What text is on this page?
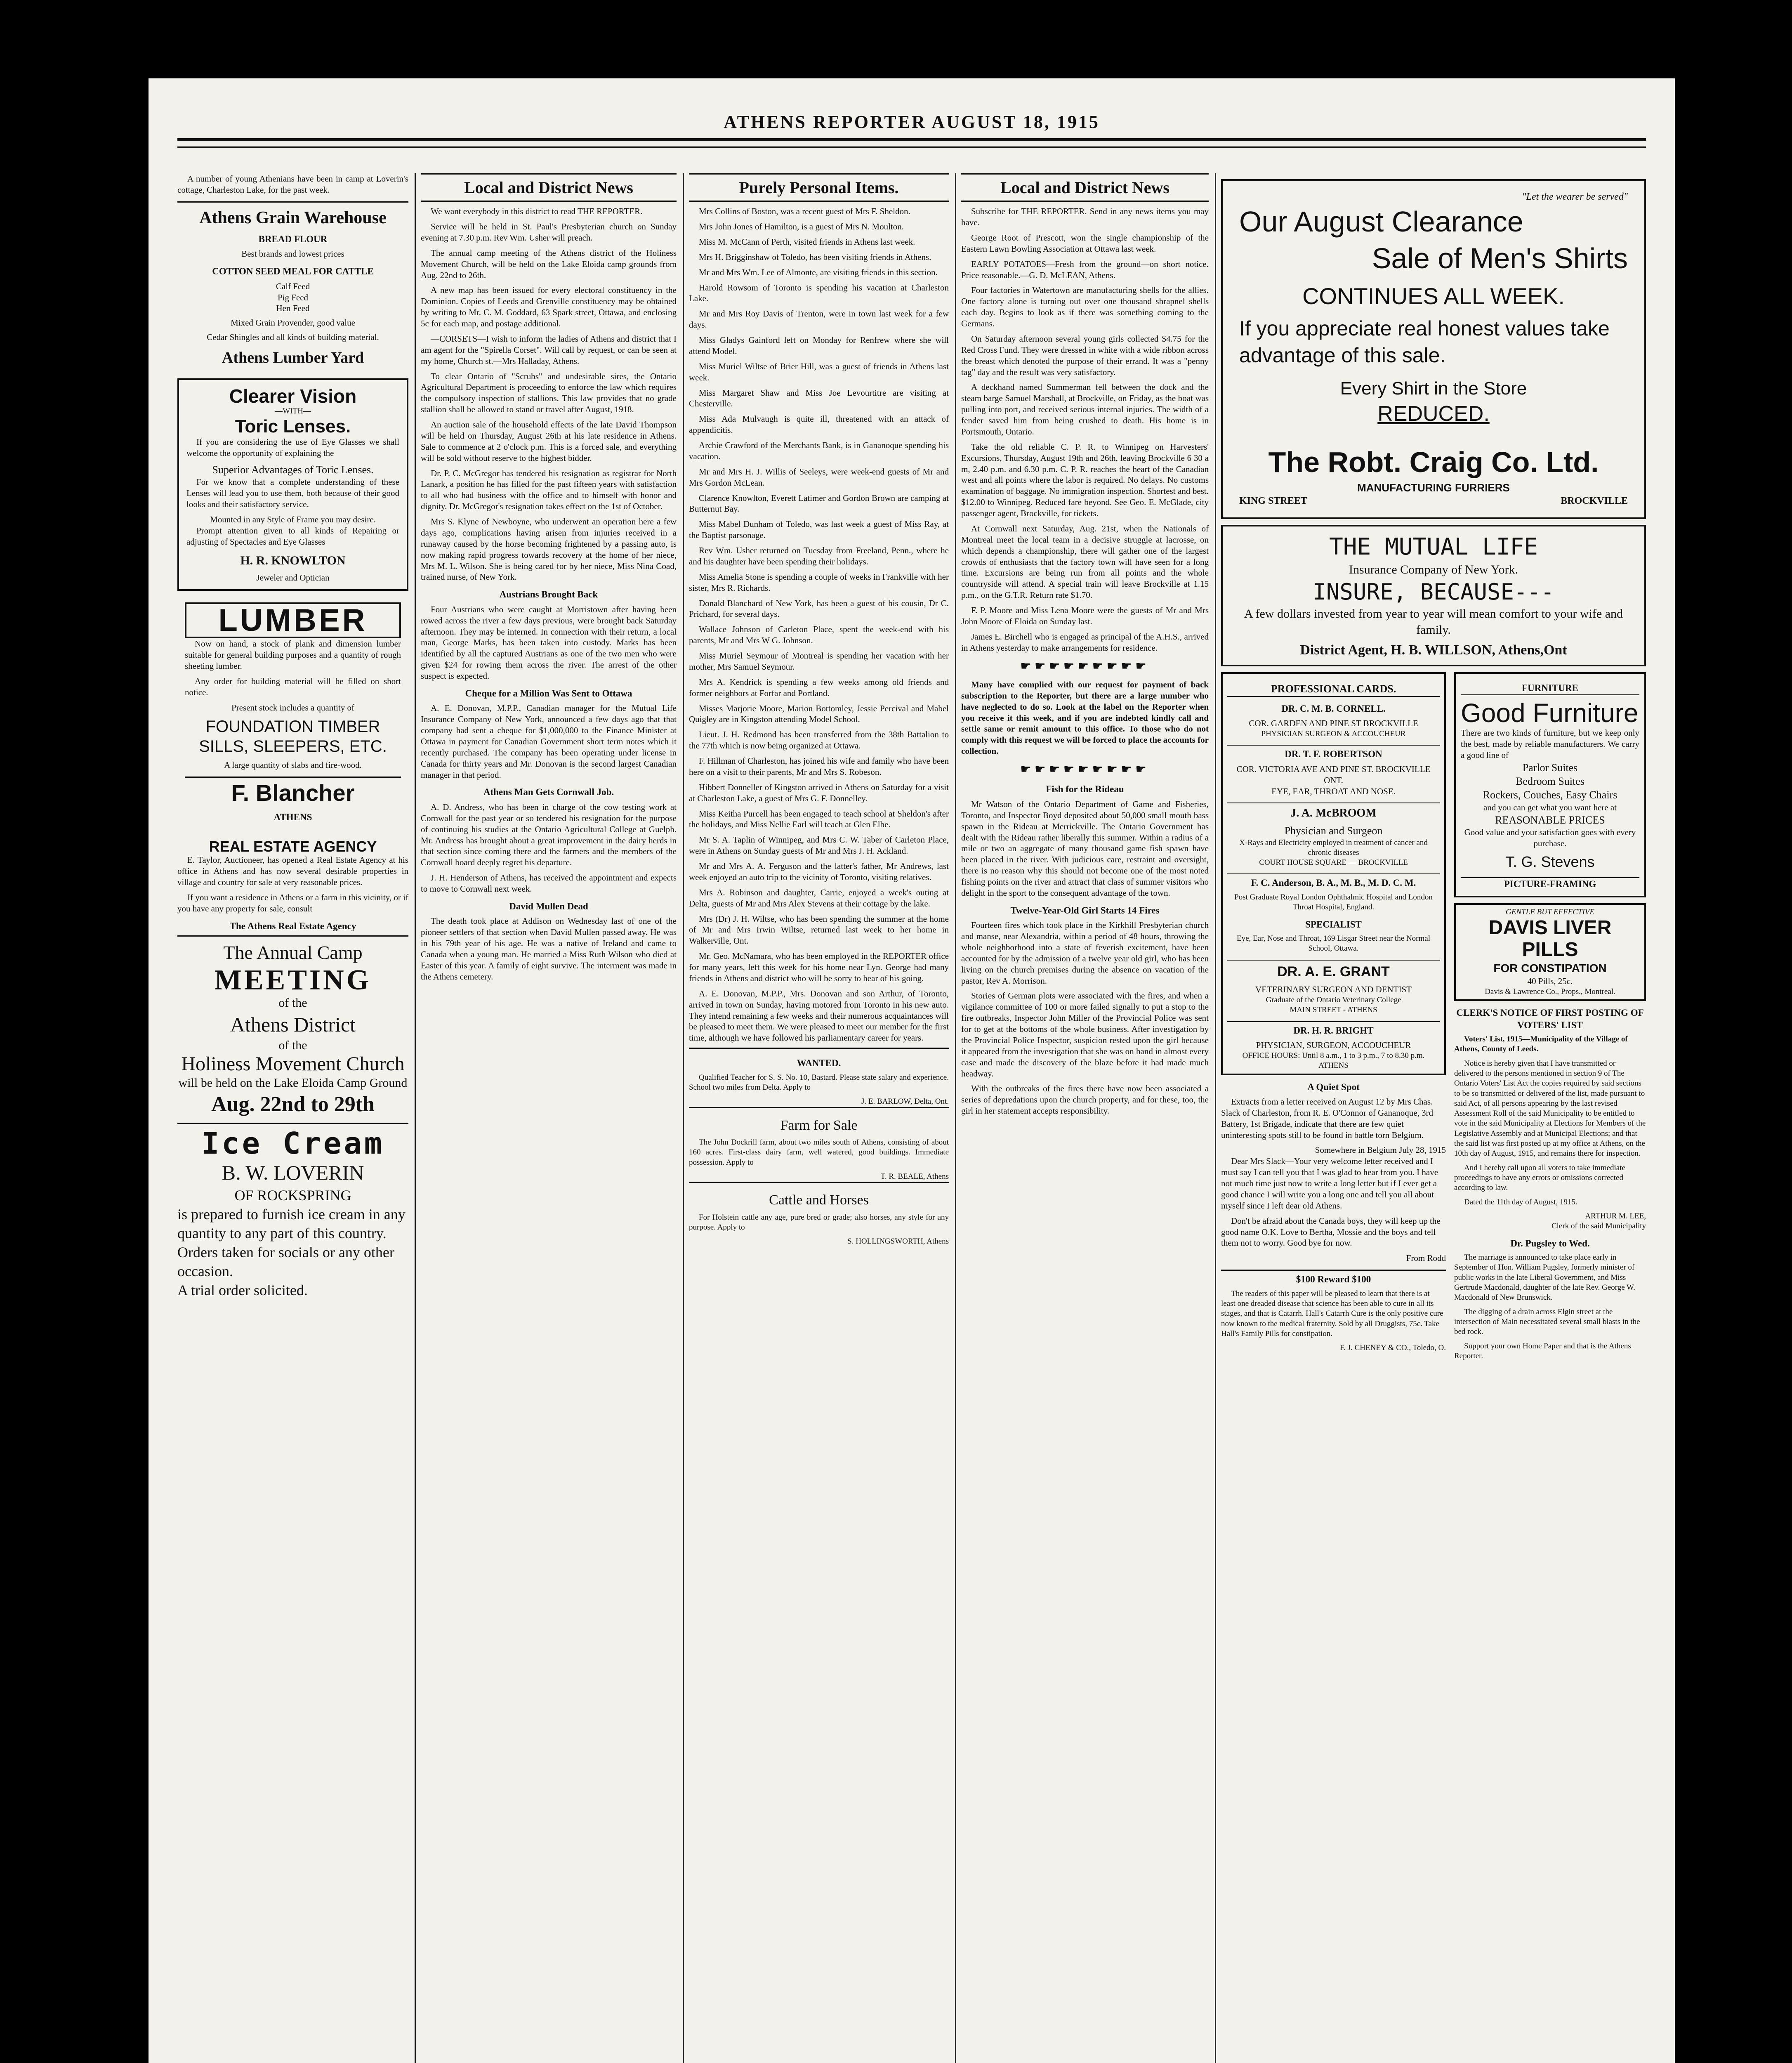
ATHENS REPORTER AUGUST 18, 1915

A number of young Athenians have been in camp at Loverin's cottage, Charleston Lake, for the past week.

Athens Grain Warehouse
BREAD FLOUR
Best brands and lowest prices
COTTON SEED MEAL FOR CATTLE
Calf Feed
Pig Feed
Hen Feed
Mixed Grain Provender, good value
Cedar Shingles and all kinds of building material.
Athens Lumber Yard
Clearer Vision
—WITH—
Toric Lenses.

If you are considering the use of Eye Glasses we shall welcome the opportunity of explaining the

Superior Advantages of Toric Lenses.

For we know that a complete understanding of these Lenses will lead you to use them, both because of their good looks and their satisfactory service.

Mounted in any Style of Frame you may desire.

Prompt attention given to all kinds of Repairing or adjusting of Spectacles and Eye Glasses

H. R. KNOWLTON
Jeweler and Optician
LUMBER

Now on hand, a stock of plank and dimension lumber suitable for general building purposes and a quantity of rough sheeting lumber.

Any order for building material will be filled on short notice.

Present stock includes a quantity of
FOUNDATION TIMBER SILLS, SLEEPERS, ETC.
A large quantity of slabs and fire-wood.
F. Blancher
ATHENS
REAL ESTATE AGENCY

E. Taylor, Auctioneer, has opened a Real Estate Agency at his office in Athens and has now several desirable properties in village and country for sale at very reasonable prices.

If you want a residence in Athens or a farm in this vicinity, or if you have any property for sale, consult

The Athens Real Estate Agency
The Annual Camp
MEETING
of the
Athens District
of the
Holiness Movement Church
will be held on the Lake Eloida Camp Ground
Aug. 22nd to 29th
Ice Cream
B. W. LOVERIN
OF ROCKSPRING
is prepared to furnish ice cream in any quantity to any part of this country.
Orders taken for socials or any other occasion.
A trial order solicited.
Local and District News

We want everybody in this district to read THE REPORTER.

Service will be held in St. Paul's Presbyterian church on Sunday evening at 7.30 p.m. Rev Wm. Usher will preach.

The annual camp meeting of the Athens district of the Holiness Movement Church, will be held on the Lake Eloida camp grounds from Aug. 22nd to 26th.

A new map has been issued for every electoral constituency in the Dominion. Copies of Leeds and Grenville constituency may be obtained by writing to Mr. C. M. Goddard, 63 Spark street, Ottawa, and enclosing 5c for each map, and postage additional.

—CORSETS—I wish to inform the ladies of Athens and district that I am agent for the "Spirella Corset". Will call by request, or can be seen at my home, Church st.—Mrs Halladay, Athens.

To clear Ontario of "Scrubs" and undesirable sires, the Ontario Agricultural Department is proceeding to enforce the law which requires the compulsory inspection of stallions. This law provides that no grade stallion shall be allowed to stand or travel after August, 1918.

An auction sale of the household effects of the late David Thompson will be held on Thursday, August 26th at his late residence in Athens. Sale to commence at 2 o'clock p.m. This is a forced sale, and everything will be sold without reserve to the highest bidder.

Dr. P. C. McGregor has tendered his resignation as registrar for North Lanark, a position he has filled for the past fifteen years with satisfaction to all who had business with the office and to himself with honor and dignity. Dr. McGregor's resignation takes effect on the 1st of October.

Mrs S. Klyne of Newboyne, who underwent an operation here a few days ago, complications having arisen from injuries received in a runaway caused by the horse becoming frightened by a passing auto, is now making rapid progress towards recovery at the home of her niece, Mrs M. L. Wilson. She is being cared for by her niece, Miss Nina Coad, trained nurse, of New York.

Austrians Brought Back

Four Austrians who were caught at Morristown after having been rowed across the river a few days previous, were brought back Saturday afternoon. They may be interned. In connection with their return, a local man, George Marks, has been taken into custody. Marks has been identified by all the captured Austrians as one of the two men who were given $24 for rowing them across the river. The arrest of the other suspect is expected.

Cheque for a Million Was Sent to Ottawa

A. E. Donovan, M.P.P., Canadian manager for the Mutual Life Insurance Company of New York, announced a few days ago that that company had sent a cheque for $1,000,000 to the Finance Minister at Ottawa in payment for Canadian Government short term notes which it recently purchased. The company has been operating under license in Canada for thirty years and Mr. Donovan is the second largest Canadian manager in that period.

Athens Man Gets Cornwall Job.

A. D. Andress, who has been in charge of the cow testing work at Cornwall for the past year or so tendered his resignation for the purpose of continuing his studies at the Ontario Agricultural College at Guelph. Mr. Andress has brought about a great improvement in the dairy herds in that section since coming there and the farmers and the members of the Cornwall board deeply regret his departure.

J. H. Henderson of Athens, has received the appointment and expects to move to Cornwall next week.

David Mullen Dead

The death took place at Addison on Wednesday last of one of the pioneer settlers of that section when David Mullen passed away. He was in his 79th year of his age. He was a native of Ireland and came to Canada when a young man. He married a Miss Ruth Wilson who died at Easter of this year. A family of eight survive. The interment was made in the Athens cemetery.

Purely Personal Items.

Mrs Collins of Boston, was a recent guest of Mrs F. Sheldon.

Mrs John Jones of Hamilton, is a guest of Mrs N. Moulton.

Miss M. McCann of Perth, visited friends in Athens last week.

Mrs H. Brigginshaw of Toledo, has been visiting friends in Athens.

Mr and Mrs Wm. Lee of Almonte, are visiting friends in this section.

Harold Rowsom of Toronto is spending his vacation at Charleston Lake.

Mr and Mrs Roy Davis of Trenton, were in town last week for a few days.

Miss Gladys Gainford left on Monday for Renfrew where she will attend Model.

Miss Muriel Wiltse of Brier Hill, was a guest of friends in Athens last week.

Miss Margaret Shaw and Miss Joe Levourtitre are visiting at Chesterville.

Miss Ada Mulvaugh is quite ill, threatened with an attack of appendicitis.

Archie Crawford of the Merchants Bank, is in Gananoque spending his vacation.

Mr and Mrs H. J. Willis of Seeleys, were week-end guests of Mr and Mrs Gordon McLean.

Clarence Knowlton, Everett Latimer and Gordon Brown are camping at Butternut Bay.

Miss Mabel Dunham of Toledo, was last week a guest of Miss Ray, at the Baptist parsonage.

Rev Wm. Usher returned on Tuesday from Freeland, Penn., where he and his daughter have been spending their holidays.

Miss Amelia Stone is spending a couple of weeks in Frankville with her sister, Mrs R. Richards.

Donald Blanchard of New York, has been a guest of his cousin, Dr C. Prichard, for several days.

Wallace Johnson of Carleton Place, spent the week-end with his parents, Mr and Mrs W G. Johnson.

Miss Muriel Seymour of Montreal is spending her vacation with her mother, Mrs Samuel Seymour.

Mrs A. Kendrick is spending a few weeks among old friends and former neighbors at Forfar and Portland.

Misses Marjorie Moore, Marion Bottomley, Jessie Percival and Mabel Quigley are in Kingston attending Model School.

Lieut. J. H. Redmond has been transferred from the 38th Battalion to the 77th which is now being organized at Ottawa.

F. Hillman of Charleston, has joined his wife and family who have been here on a visit to their parents, Mr and Mrs S. Robeson.

Hibbert Donneller of Kingston arrived in Athens on Saturday for a visit at Charleston Lake, a guest of Mrs G. F. Donnelley.

Miss Keitha Purcell has been engaged to teach school at Sheldon's after the holidays, and Miss Nellie Earl will teach at Glen Elbe.

Mr S. A. Taplin of Winnipeg, and Mrs C. W. Taber of Carleton Place, were in Athens on Sunday guests of Mr and Mrs J. H. Ackland.

Mr and Mrs A. A. Ferguson and the latter's father, Mr Andrews, last week enjoyed an auto trip to the vicinity of Toronto, visiting relatives.

Mrs A. Robinson and daughter, Carrie, enjoyed a week's outing at Delta, guests of Mr and Mrs Alex Stevens at their cottage by the lake.

Mrs (Dr) J. H. Wiltse, who has been spending the summer at the home of Mr and Mrs Irwin Wiltse, returned last week to her home in Walkerville, Ont.

Mr. Geo. McNamara, who has been employed in the REPORTER office for many years, left this week for his home near Lyn. George had many friends in Athens and district who will be sorry to hear of his going.

A. E. Donovan, M.P.P., Mrs. Donovan and son Arthur, of Toronto, arrived in town on Sunday, having motored from Toronto in his new auto. They intend remaining a few weeks and their numerous acquaintances will be pleased to meet them. We were pleased to meet our member for the first time, although we have followed his parliamentary career for years.

WANTED.

Qualified Teacher for S. S. No. 10, Bastard. Please state salary and experience. School two miles from Delta. Apply to

J. E. BARLOW, Delta, Ont.
Farm for Sale

The John Dockrill farm, about two miles south of Athens, consisting of about 160 acres. First-class dairy farm, well watered, good buildings. Immediate possession. Apply to

T. R. BEALE, Athens
Cattle and Horses

For Holstein cattle any age, pure bred or grade; also horses, any style for any purpose. Apply to

S. HOLLINGSWORTH, Athens
Local and District News

Subscribe for THE REPORTER. Send in any news items you may have.

George Root of Prescott, won the single championship of the Eastern Lawn Bowling Association at Ottawa last week.

EARLY POTATOES—Fresh from the ground—on short notice. Price reasonable.—G. D. McLEAN, Athens.

Four factories in Watertown are manufacturing shells for the allies. One factory alone is turning out over one thousand shrapnel shells each day. Begins to look as if there was something coming to the Germans.

On Saturday afternoon several young girls collected $4.75 for the Red Cross Fund. They were dressed in white with a wide ribbon across the breast which denoted the purpose of their errand. It was a "penny tag" day and the result was very satisfactory.

A deckhand named Summerman fell between the dock and the steam barge Samuel Marshall, at Brockville, on Friday, as the boat was pulling into port, and received serious internal injuries. The width of a fender saved him from being crushed to death. His home is in Portsmouth, Ontario.

Take the old reliable C. P. R. to Winnipeg on Harvesters' Excursions, Thursday, August 19th and 26th, leaving Brockville 6 30 a m, 2.40 p.m. and 6.30 p.m. C. P. R. reaches the heart of the Canadian west and all points where the labor is required. No delays. No customs examination of baggage. No immigration inspection. Shortest and best. $12.00 to Winnipeg. Reduced fare beyond. See Geo. E. McGlade, city passenger agent, Brockville, for tickets.

At Cornwall next Saturday, Aug. 21st, when the Nationals of Montreal meet the local team in a decisive struggle at lacrosse, on which depends a championship, there will gather one of the largest crowds of enthusiasts that the factory town will have seen for a long time. Excursions are being run from all points and the whole countryside will attend. A special train will leave Brockville at 1.15 p.m., on the G.T.R. Return rate $1.70.

F. P. Moore and Miss Lena Moore were the guests of Mr and Mrs John Moore of Eloida on Sunday last.

James E. Birchell who is engaged as principal of the A.H.S., arrived in Athens yesterday to make arrangements for residence.

☛☛☛☛☛☛☛☛☛

Many have complied with our request for payment of back subscription to the Reporter, but there are a large number who have neglected to do so. Look at the label on the Reporter when you receive it this week, and if you are indebted kindly call and settle same or remit amount to this office. To those who do not comply with this request we will be forced to place the accounts for collection.

☛☛☛☛☛☛☛☛☛
Fish for the Rideau

Mr Watson of the Ontario Department of Game and Fisheries, Toronto, and Inspector Boyd deposited about 50,000 small mouth bass spawn in the Rideau at Merrickville. The Ontario Government has dealt with the Rideau rather liberally this summer. Within a radius of a mile or two an aggregate of many thousand game fish spawn have been placed in the river. With judicious care, restraint and oversight, there is no reason why this should not become one of the most noted fishing points on the river and attract that class of summer visitors who delight in the sport to the consequent advantage of the town.

Twelve-Year-Old Girl Starts 14 Fires

Fourteen fires which took place in the Kirkhill Presbyterian church and manse, near Alexandria, within a period of 48 hours, throwing the whole neighborhood into a state of feverish excitement, have been accounted for by the admission of a twelve year old girl, who has been living on the church premises during the absence on vacation of the pastor, Rev A. Morrison.

Stories of German plots were associated with the fires, and when a vigilance committee of 100 or more failed signally to put a stop to the fire outbreaks, Inspector John Miller of the Provincial Police was sent for to get at the bottoms of the whole business. After investigation by the Provincial Police Inspector, suspicion rested upon the girl because it appeared from the investigation that she was on hand in almost every case and made the discovery of the blaze before it had made much headway.

With the outbreaks of the fires there have now been associated a series of depredations upon the church property, and for these, too, the girl in her statement accepts responsibility.

"Let the wearer be served"
Our August Clearance
Sale of Men's Shirts
CONTINUES ALL WEEK.
If you appreciate real honest values take advantage of this sale.
Every Shirt in the Store
REDUCED.
The Robt. Craig Co. Ltd.
MANUFACTURING FURRIERS
KING STREET	BROCKVILLE
THE MUTUAL LIFE
Insurance Company of New York.
INSURE, BECAUSE---
A few dollars invested from year to year will mean comfort to your wife and family.
District Agent, H. B. WILLSON, Athens,Ont
PROFESSIONAL CARDS.
DR. C. M. B. CORNELL.
COR. GARDEN AND PINE ST BROCKVILLE
PHYSICIAN SURGEON & ACCOUCHEUR
DR. T. F. ROBERTSON
COR. VICTORIA AVE AND PINE ST. BROCKVILLE ONT.
EYE, EAR, THROAT AND NOSE.
J. A. McBROOM
Physician and Surgeon
X-Rays and Electricity employed in treatment of cancer and chronic diseases
COURT HOUSE SQUARE — BROCKVILLE
F. C. Anderson, B. A., M. B., M. D. C. M.
Post Graduate Royal London Ophthalmic Hospital and London Throat Hospital, England.
SPECIALIST
Eye, Ear, Nose and Throat, 169 Lisgar Street near the Normal School, Ottawa.
DR. A. E. GRANT
VETERINARY SURGEON AND DENTIST
Graduate of the Ontario Veterinary College
MAIN STREET - ATHENS
DR. H. R. BRIGHT
PHYSICIAN, SURGEON, ACCOUCHEUR
OFFICE HOURS: Until 8 a.m., 1 to 3 p.m., 7 to 8.30 p.m.
ATHENS
A Quiet Spot

Extracts from a letter received on August 12 by Mrs Chas. Slack of Charleston, from R. E. O'Connor of Gananoque, 3rd Battery, 1st Brigade, indicate that there are few quiet uninteresting spots still to be found in battle torn Belgium.

Somewhere in Belgium July 28, 1915

Dear Mrs Slack—Your very welcome letter received and I must say I can tell you that I was glad to hear from you. I have not much time just now to write a long letter but if I ever get a good chance I will write you a long one and tell you all about myself since I left dear old Athens.

Don't be afraid about the Canada boys, they will keep up the good name O.K. Love to Bertha, Mossie and the boys and tell them not to worry. Good bye for now.

From Rodd
$100 Reward $100

The readers of this paper will be pleased to learn that there is at least one dreaded disease that science has been able to cure in all its stages, and that is Catarrh. Hall's Catarrh Cure is the only positive cure now known to the medical fraternity. Sold by all Druggists, 75c. Take Hall's Family Pills for constipation.

F. J. CHENEY & CO., Toledo, O.
FURNITURE
Good Furniture
There are two kinds of furniture, but we keep only the best, made by reliable manufacturers. We carry a good line of
Parlor Suites
Bedroom Suites
Rockers, Couches, Easy Chairs
and you can get what you want here at
REASONABLE PRICES
Good value and your satisfaction goes with every purchase.
T. G. Stevens
PICTURE-FRAMING
GENTLE BUT EFFECTIVE
DAVIS LIVER PILLS
FOR CONSTIPATION
40 Pills, 25c.
Davis & Lawrence Co., Props., Montreal.
CLERK'S NOTICE OF FIRST POSTING OF VOTERS' LIST

Voters' List, 1915—Municipality of the Village of Athens, County of Leeds.

Notice is hereby given that I have transmitted or delivered to the persons mentioned in section 9 of The Ontario Voters' List Act the copies required by said sections to be so transmitted or delivered of the list, made pursuant to said Act, of all persons appearing by the last revised Assessment Roll of the said Municipality to be entitled to vote in the said Municipality at Elections for Members of the Legislative Assembly and at Municipal Elections; and that the said list was first posted up at my office at Athens, on the 10th day of August, 1915, and remains there for inspection.

And I hereby call upon all voters to take immediate proceedings to have any errors or omissions corrected according to law.

Dated the 11th day of August, 1915.

ARTHUR M. LEE,
Clerk of the said Municipality
Dr. Pugsley to Wed.

The marriage is announced to take place early in September of Hon. William Pugsley, formerly minister of public works in the late Liberal Government, and Miss Gertrude Macdonald, daughter of the late Rev. George W. Macdonald of New Brunswick.

The digging of a drain across Elgin street at the intersection of Main necessitated several small blasts in the bed rock.

Support your own Home Paper and that is the Athens Reporter.
